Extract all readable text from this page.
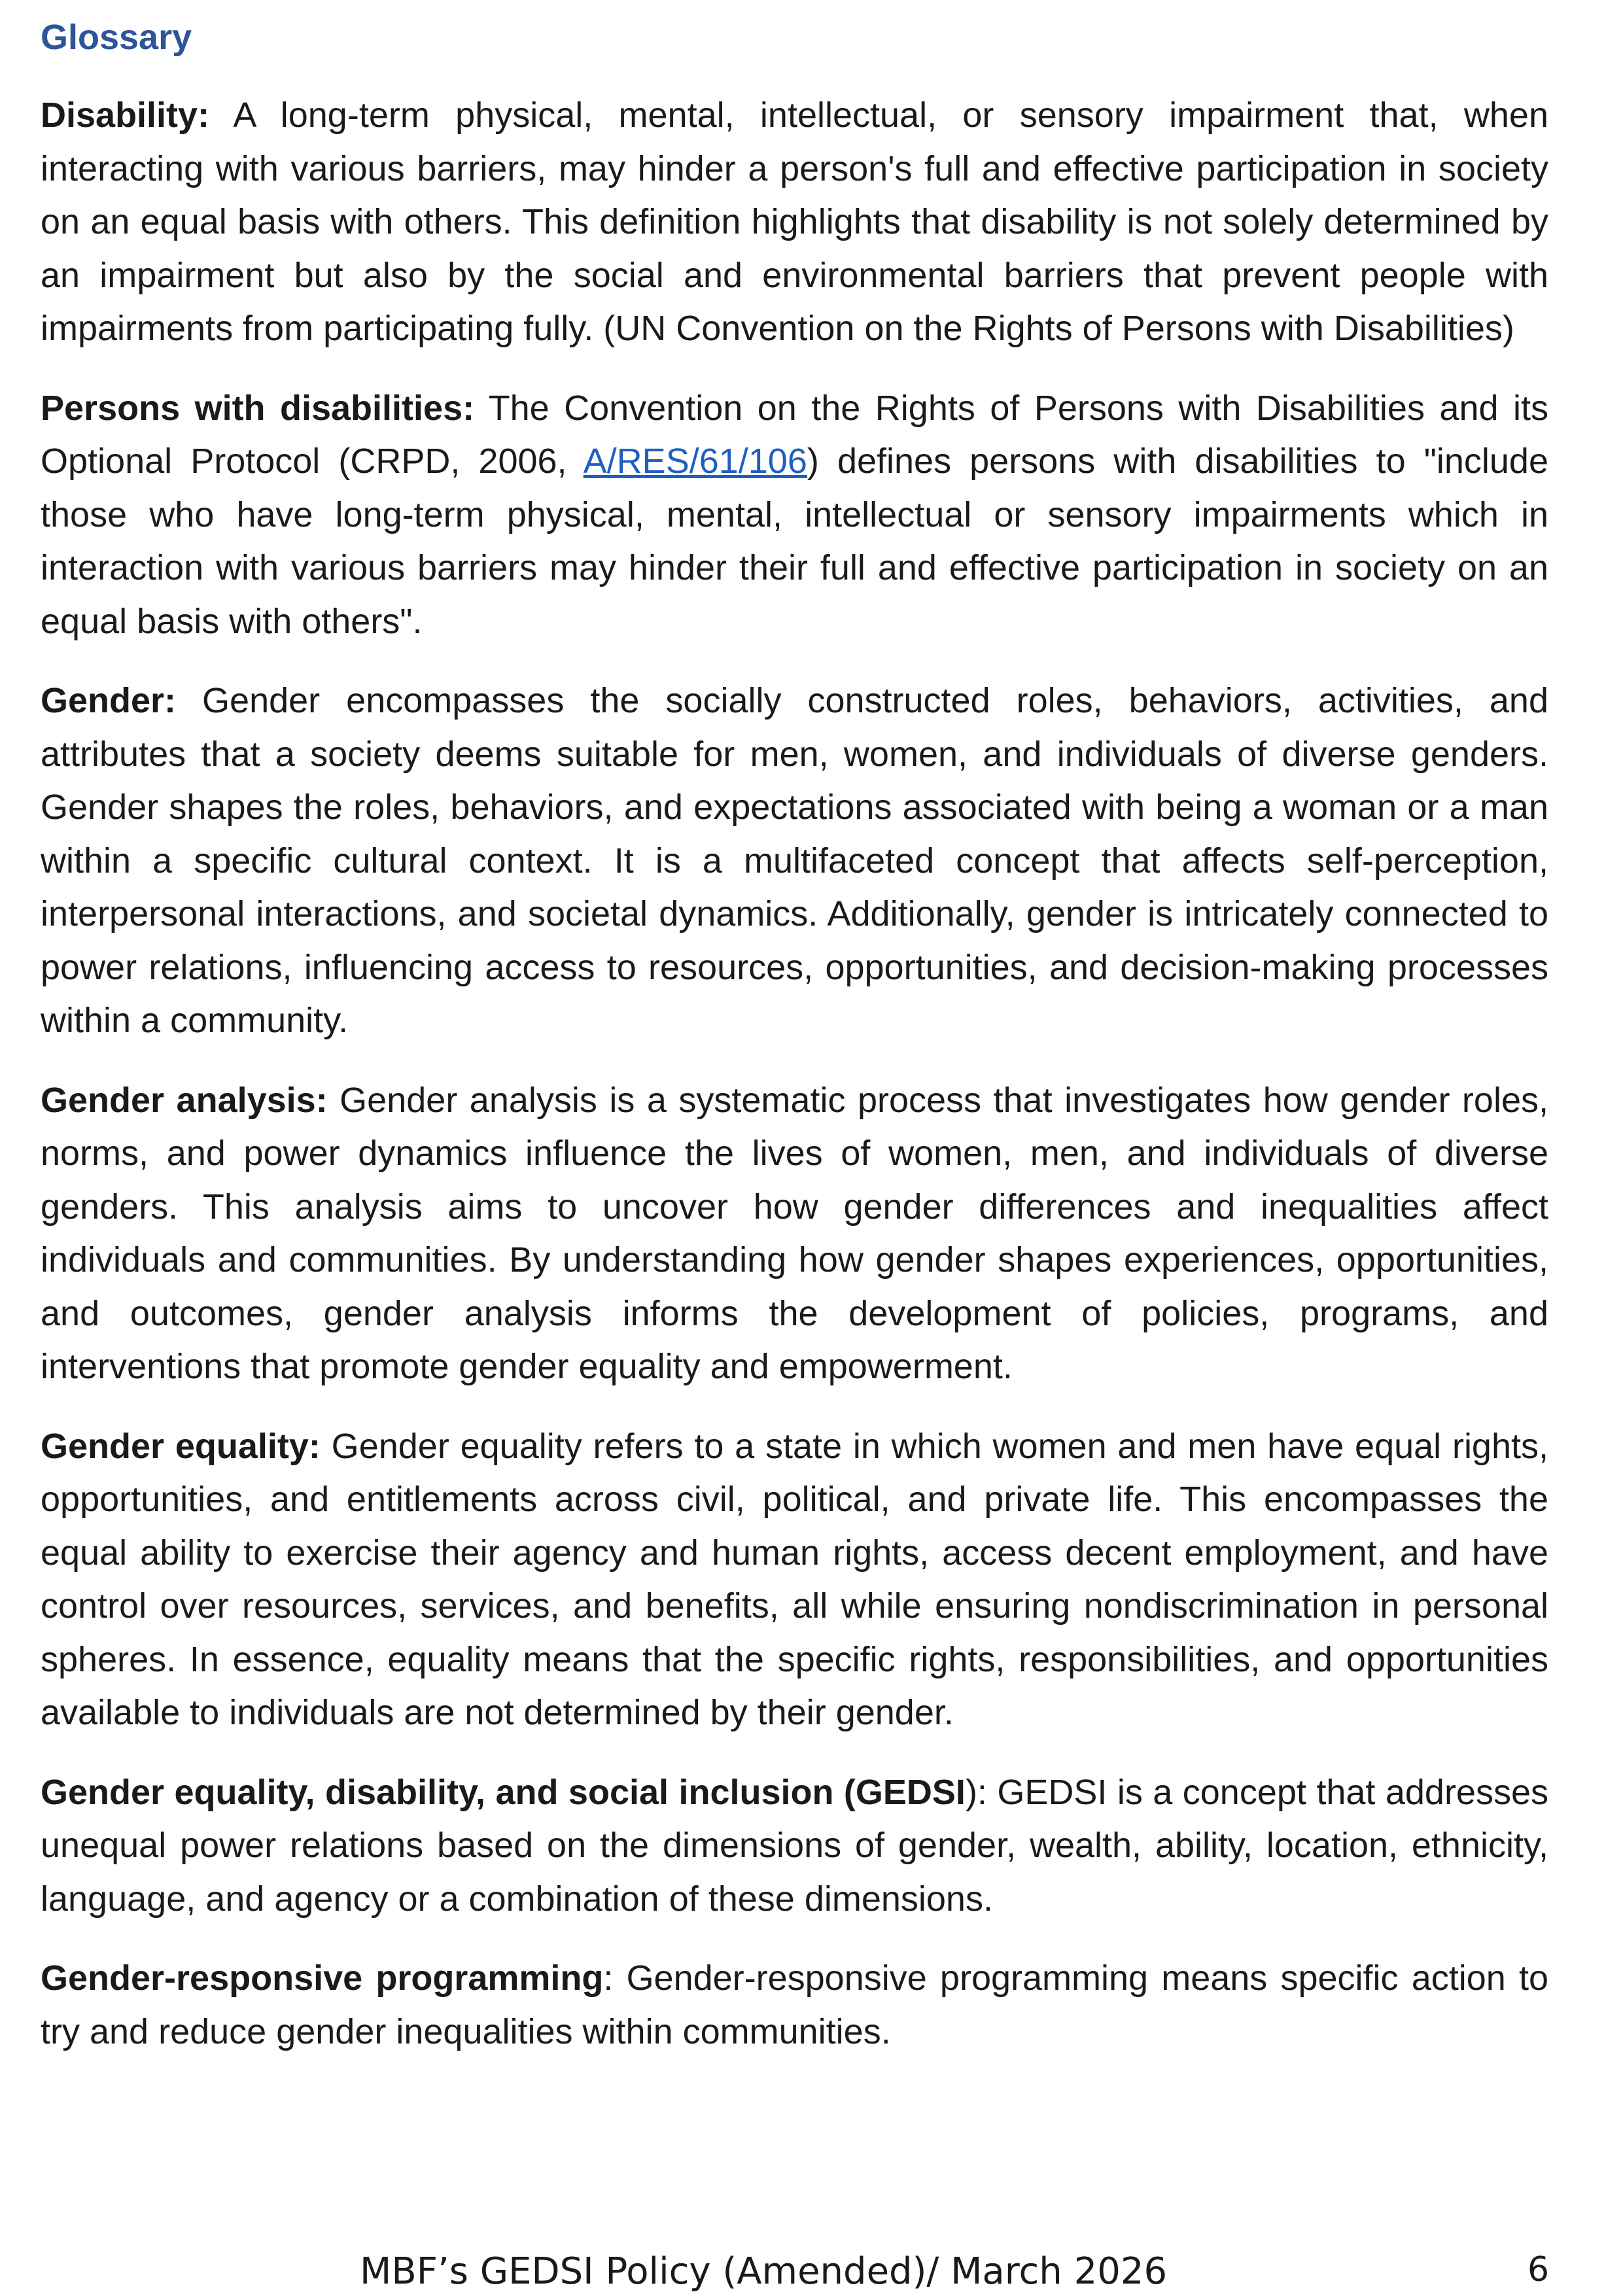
Glossary

Disability: A long-term physical, mental, intellectual, or sensory impairment that, when interacting with various barriers, may hinder a person's full and effective participation in society on an equal basis with others. This definition highlights that disability is not solely determined by an impairment but also by the social and environmental barriers that prevent people with impairments from participating fully. (UN Convention on the Rights of Persons with Disabilities)

Persons with disabilities: The Convention on the Rights of Persons with Disabilities and its Optional Protocol (CRPD, 2006, A/RES/61/106) defines persons with disabilities to "include those who have long-term physical, mental, intellectual or sensory impairments which in interaction with various barriers may hinder their full and effective participation in society on an equal basis with others".

Gender: Gender encompasses the socially constructed roles, behaviors, activities, and attributes that a society deems suitable for men, women, and individuals of diverse genders. Gender shapes the roles, behaviors, and expectations associated with being a woman or a man within a specific cultural context. It is a multifaceted concept that affects self-perception, interpersonal interactions, and societal dynamics. Additionally, gender is intricately connected to power relations, influencing access to resources, opportunities, and decision-making processes within a community.

Gender analysis: Gender analysis is a systematic process that investigates how gender roles, norms, and power dynamics influence the lives of women, men, and individuals of diverse genders. This analysis aims to uncover how gender differences and inequalities affect individuals and communities. By understanding how gender shapes experiences, opportunities, and outcomes, gender analysis informs the development of policies, programs, and interventions that promote gender equality and empowerment.

Gender equality: Gender equality refers to a state in which women and men have equal rights, opportunities, and entitlements across civil, political, and private life. This encompasses the equal ability to exercise their agency and human rights, access decent employment, and have control over resources, services, and benefits, all while ensuring nondiscrimination in personal spheres. In essence, equality means that the specific rights, responsibilities, and opportunities available to individuals are not determined by their gender.

Gender equality, disability, and social inclusion (GEDSI): GEDSI is a concept that addresses unequal power relations based on the dimensions of gender, wealth, ability, location, ethnicity, language, and agency or a combination of these dimensions.

Gender-responsive programming: Gender-responsive programming means specific action to try and reduce gender inequalities within communities.

MBF’s GEDSI Policy (Amended)/ March 2026	6
